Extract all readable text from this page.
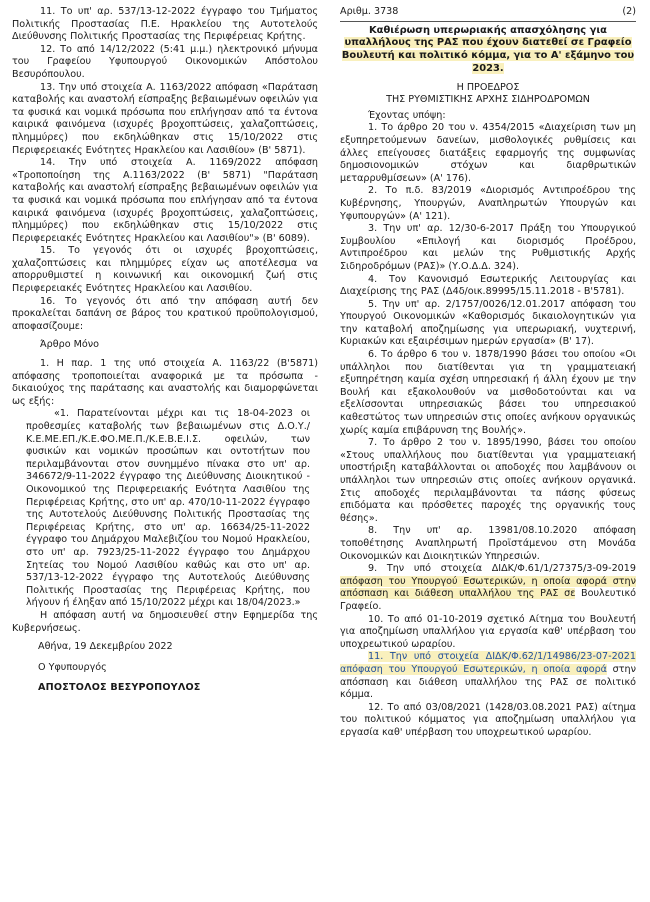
11. Το υπ' αρ. 537/13-12-2022 έγγραφο του Τμήματος Πολιτικής Προστασίας Π.Ε. Ηρακλείου της Αυτοτελούς Διεύθυνσης Πολιτικής Προστασίας της Περιφέρειας Κρήτης.

12. Το από 14/12/2022 (5:41 μ.μ.) ηλεκτρονικό μήνυμα του Γραφείου Υφυπουργού Οικονομικών Απόστολου Βεσυρόπουλου.

13. Την υπό στοιχεία Α. 1163/2022 απόφαση «Παράταση καταβολής και αναστολή είσπραξης βεβαιωμένων οφειλών για τα φυσικά και νομικά πρόσωπα που επλήγησαν από τα έντονα καιρικά φαινόμενα (ισχυρές βροχοπτώσεις, χαλαζοπτώσεις, πλημμύρες) που εκδηλώθηκαν στις 15/10/2022 στις Περιφερειακές Ενότητες Ηρακλείου και Λασιθίου» (Β' 5871).

14. Την υπό στοιχεία Α. 1169/2022 απόφαση «Τροποποίηση της Α.1163/2022 (Β' 5871) "Παράταση καταβολής και αναστολή είσπραξης βεβαιωμένων οφειλών για τα φυσικά και νομικά πρόσωπα που επλήγησαν από τα έντονα καιρικά φαινόμενα (ισχυρές βροχοπτώσεις, χαλαζοπτώσεις, πλημμύρες) που εκδηλώθηκαν στις 15/10/2022 στις Περιφερειακές Ενότητες Ηρακλείου και Λασιθίου"» (Β' 6089).

15. Το γεγονός ότι οι ισχυρές βροχοπτώσεις, χαλαζοπτώσεις και πλημμύρες είχαν ως αποτέλεσμα να απορρυθμιστεί η κοινωνική και οικονομική ζωή στις Περιφερειακές Ενότητες Ηρακλείου και Λασιθίου.

16. Το γεγονός ότι από την απόφαση αυτή δεν προκαλείται δαπάνη σε βάρος του κρατικού προϋπολογισμού, αποφασίζουμε:

Άρθρο Μόνο

1. Η παρ. 1 της υπό στοιχεία Α. 1163/22 (Β'5871) απόφασης τροποποιείται αναφορικά με τα πρόσωπα - δικαιούχος της παράτασης και αναστολής και διαμορφώνεται ως εξής:

«1. Παρατείνονται μέχρι και τις 18-04-2023 οι προθεσμίες καταβολής των βεβαιωμένων στις Δ.Ο.Υ./Κ.Ε.ΜΕ.ΕΠ./Κ.Ε.ΦΟ.ΜΕ.Π./Κ.Ε.Β.Ε.Ι.Σ. οφειλών, των φυσικών και νομικών προσώπων και οντοτήτων που περιλαμβάνονται στον συνημμένο πίνακα στο υπ' αρ. 346672/9-11-2022 έγγραφο της Διεύθυνσης Διοικητικού - Οικονομικού της Περιφερειακής Ενότητα Λασιθίου της Περιφέρειας Κρήτης, στο υπ' αρ. 470/10-11-2022 έγγραφο της Αυτοτελούς Διεύθυνσης Πολιτικής Προστασίας της Περιφέρειας Κρήτης, στο υπ' αρ. 16634/25-11-2022 έγγραφο του Δημάρχου Μαλεβιζίου του Νομού Ηρακλείου, στο υπ' αρ. 7923/25-11-2022 έγγραφο του Δημάρχου Σητείας του Νομού Λασιθίου καθώς και στο υπ' αρ. 537/13-12-2022 έγγραφο της Αυτοτελούς Διεύθυνσης Πολιτικής Προστασίας της Περιφέρειας Κρήτης, που λήγουν ή έληξαν από 15/10/2022 μέχρι και 18/04/2023.»

Η απόφαση αυτή να δημοσιευθεί στην Εφημερίδα της Κυβερνήσεως.

Αθήνα, 19 Δεκεμβρίου 2022

Ο Υφυπουργός

ΑΠΟΣΤΟΛΟΣ ΒΕΣΥΡΟΠΟΥΛΟΣ

Αριθμ. 3738	(2)

Καθιέρωση υπερωριακής απασχόλησης για υπαλλήλους της ΡΑΣ που έχουν διατεθεί σε Γραφείο Βουλευτή και πολιτικό κόμμα, για το Α' εξάμηνο του 2023.

Η ΠΡΟΕΔΡΟΣ
ΤΗΣ ΡΥΘΜΙΣΤΙΚΗΣ ΑΡΧΗΣ ΣΙΔΗΡΟΔΡΟΜΩΝ

Έχοντας υπόψη:

1. Το άρθρο 20 του ν. 4354/2015 «Διαχείριση των μη εξυπηρετούμενων δανείων, μισθολογικές ρυθμίσεις και άλλες επείγουσες διατάξεις εφαρμογής της συμφωνίας δημοσιονομικών στόχων και διαρθρωτικών μεταρρυθμίσεων» (Α' 176).

2. Το π.δ. 83/2019 «Διορισμός Αντιπροέδρου της Κυβέρνησης, Υπουργών, Αναπληρωτών Υπουργών και Υφυπουργών» (Α' 121).

3. Την υπ' αρ. 12/30-6-2017 Πράξη του Υπουργικού Συμβουλίου «Επιλογή και διορισμός Προέδρου, Αντιπροέδρου και μελών της Ρυθμιστικής Αρχής Σιδηροδρόμων (ΡΑΣ)» (Υ.Ο.Δ.Δ. 324).

4. Τον Κανονισμό Εσωτερικής Λειτουργίας και Διαχείρισης της ΡΑΣ (Δ4δ/οικ.89995/15.11.2018 - Β'5781).

5. Την υπ' αρ. 2/1757/0026/12.01.2017 απόφαση του Υπουργού Οικονομικών «Καθορισμός δικαιολογητικών για την καταβολή αποζημίωσης για υπερωριακή, νυχτερινή, Κυριακών και εξαιρέσιμων ημερών εργασία» (Β' 17).

6. Το άρθρο 6 του ν. 1878/1990 βάσει του οποίου «Οι υπάλληλοι που διατίθενται για τη γραμματειακή εξυπηρέτηση καμία σχέση υπηρεσιακή ή άλλη έχουν με την Βουλή και εξακολουθούν να μισθοδοτούνται και να εξελίσσονται υπηρεσιακώς βάσει του υπηρεσιακού καθεστώτος των υπηρεσιών στις οποίες ανήκουν οργανικώς χωρίς καμία επιβάρυνση της Βουλής».

7. Το άρθρο 2 του ν. 1895/1990, βάσει του οποίου «Στους υπαλλήλους που διατίθενται για γραμματειακή υποστήριξη καταβάλλονται οι αποδοχές που λαμβάνουν οι υπάλληλοι των υπηρεσιών στις οποίες ανήκουν οργανικά. Στις αποδοχές περιλαμβάνονται τα πάσης φύσεως επιδόματα και πρόσθετες παροχές της οργανικής τους θέσης».

8. Την υπ' αρ. 13981/08.10.2020 απόφαση τοποθέτησης Αναπληρωτή Προϊστάμενου στη Μονάδα Οικονομικών και Διοικητικών Υπηρεσιών.

9. Την υπό στοιχεία ΔΙΔΚ/Φ.61/1/27375/3-09-2019 απόφαση του Υπουργού Εσωτερικών, η οποία αφορά στην απόσπαση και διάθεση υπαλλήλου της ΡΑΣ σε Βουλευτικό Γραφείο.

10. Το από 01-10-2019 σχετικό Αίτημα του Βουλευτή για αποζημίωση υπαλλήλου για εργασία καθ' υπέρβαση του υποχρεωτικού ωραρίου.

11. Την υπό στοιχεία ΔΙΔΚ/Φ.62/1/14986/23-07-2021 απόφαση του Υπουργού Εσωτερικών, η οποία αφορά στην απόσπαση και διάθεση υπαλλήλου της ΡΑΣ σε πολιτικό κόμμα.

12. Το από 03/08/2021 (1428/03.08.2021 ΡΑΣ) αίτημα του πολιτικού κόμματος για αποζημίωση υπαλλήλου για εργασία καθ' υπέρβαση του υποχρεωτικού ωραρίου.
